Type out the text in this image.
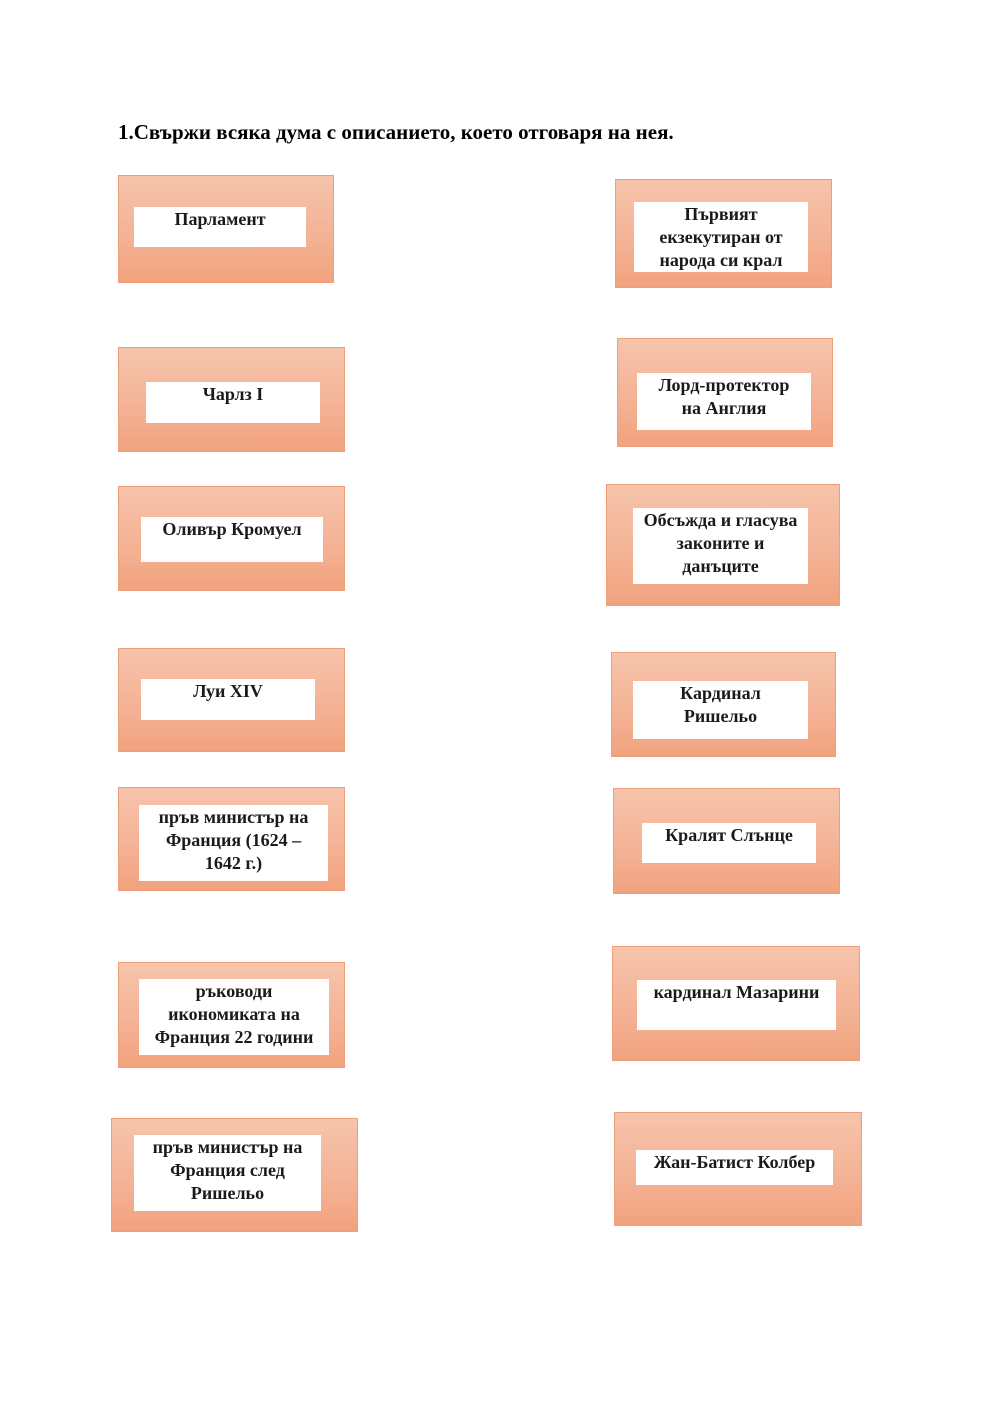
1.Свържи всяка дума с описанието, което отговаря на нея.
Парламент
Чарлз I
Оливър Кромуел
Луи XIV
пръв министър на
Франция (1624 –
1642 г.)
ръководи
икономиката на
Франция 22 години
пръв министър на
Франция след
Ришельо
Първият
екзекутиран от
народа си крал
Лорд-протектор
на Англия
Обсъжда и гласува
законите и
данъците
Кардинал
Ришельо
Кралят Слънце
кардинал Мазарини
Жан-Батист Колбер
